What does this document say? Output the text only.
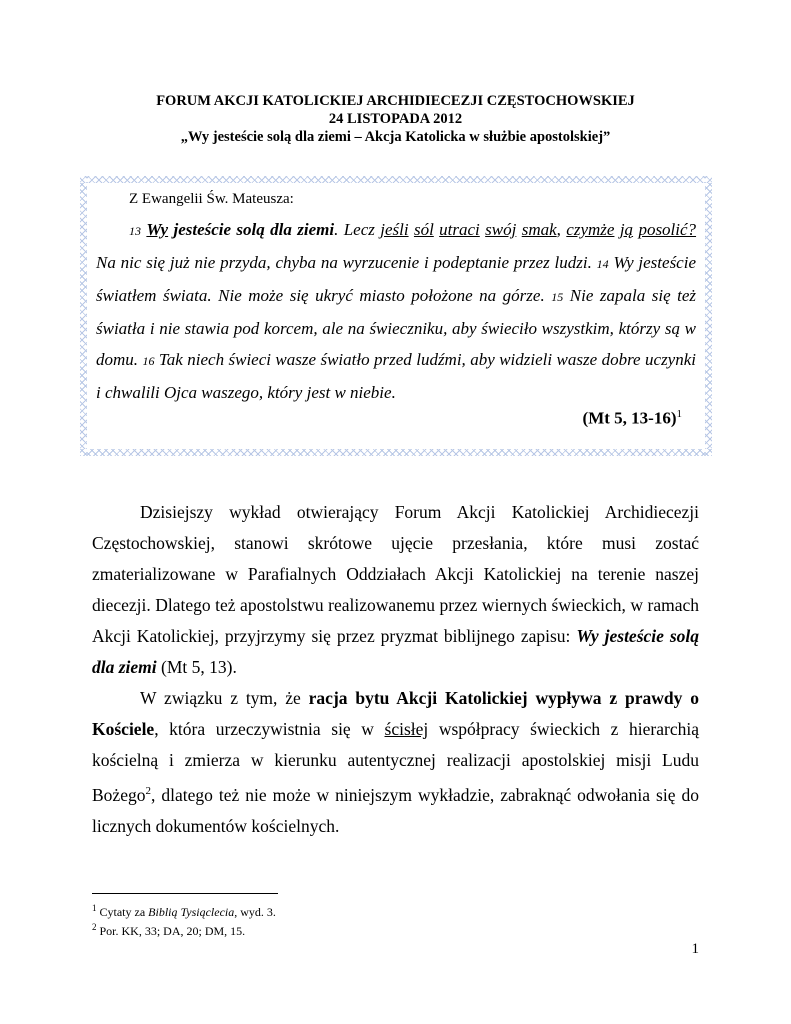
FORUM AKCJI KATOLICKIEJ ARCHIDIECEZJI CZĘSTOCHOWSKIEJ
24 LISTOPADA 2012
„Wy jesteście solą dla ziemi – Akcja Katolicka w służbie apostolskiej”
Z Ewangelii Św. Mateusza:

13 Wy jesteście solą dla ziemi. Lecz jeśli sól utraci swój smak, czymże ją posolić? Na nic się już nie przyda, chyba na wyrzucenie i podeptanie przez ludzi. 14 Wy jesteście światłem świata. Nie może się ukryć miasto położone na górze. 15 Nie zapala się też światła i nie stawia pod korcem, ale na świeczniku, aby świeciło wszystkim, którzy są w domu. 16 Tak niech świeci wasze światło przed ludźmi, aby widzieli wasze dobre uczynki i chwalili Ojca waszego, który jest w niebie.

(Mt 5, 13-16)$^1$

Dzisiejszy wykład otwierający Forum Akcji Katolickiej Archidiecezji Częstochowskiej, stanowi skrótowe ujęcie przesłania, które musi zostać zmaterializowane w Parafialnych Oddziałach Akcji Katolickiej na terenie naszej diecezji. Dlatego też apostolstwu realizowanemu przez wiernych świeckich, w ramach Akcji Katolickiej, przyjrzymy się przez pryzmat biblijnego zapisu: Wy jesteście solą dla ziemi (Mt 5, 13).

W związku z tym, że racja bytu Akcji Katolickiej wypływa z prawdy o Kościele, która urzeczywistnia się w ścisłej współpracy świeckich z hierarchią kościelną i zmierza w kierunku autentycznej realizacji apostolskiej misji Ludu Bożego$^2$, dlatego też nie może w niniejszym wykładzie, zabraknąć odwołania się do licznych dokumentów kościelnych.

$^1$ Cytaty za Biblią Tysiąclecia, wyd. 3.
$^2$ Por. KK, 33; DA, 20; DM, 15.
1
